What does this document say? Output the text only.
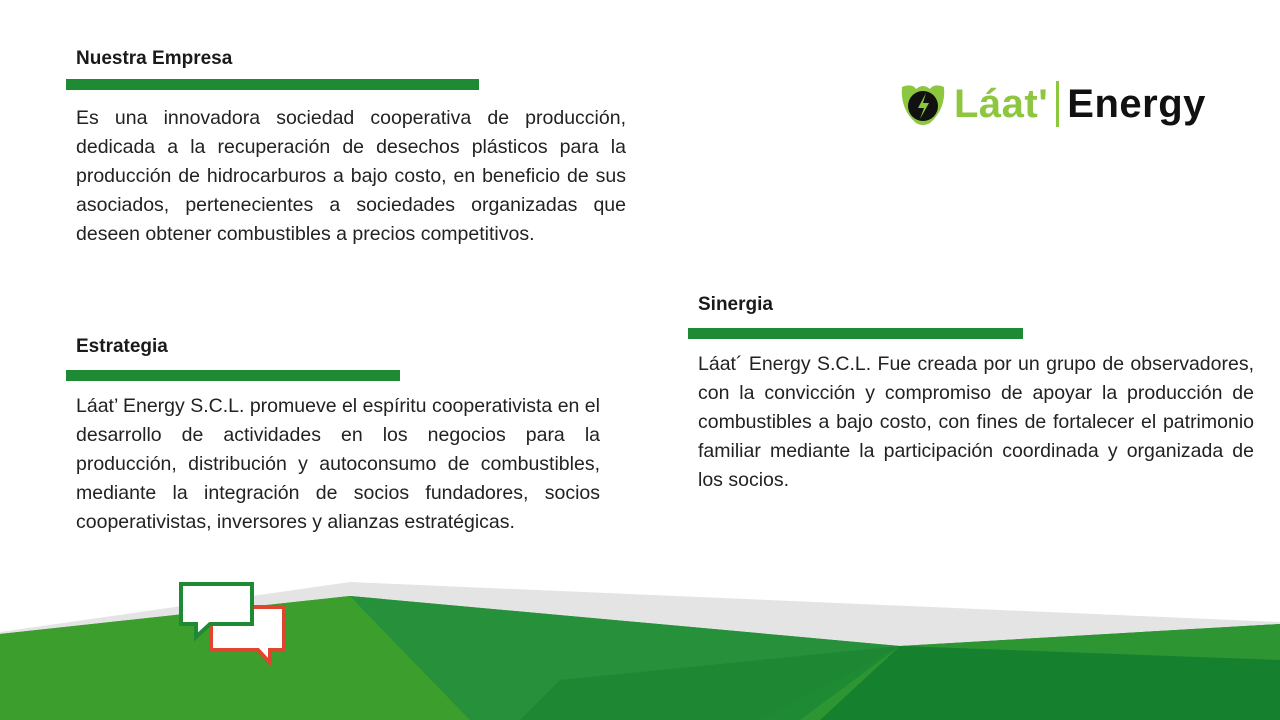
Nuestra Empresa
Es una innovadora sociedad cooperativa de producción, dedicada a la recuperación de desechos plásticos para la producción de hidrocarburos a bajo costo, en beneficio de sus asociados, pertenecientes a sociedades organizadas que deseen obtener combustibles a precios competitivos.
Estrategia
Láat’ Energy S.C.L. promueve el espíritu cooperativista en el desarrollo de actividades en los negocios para la producción, distribución y autoconsumo de combustibles, mediante la integración de socios fundadores, socios cooperativistas, inversores y alianzas estratégicas.
Sinergia
Láat´ Energy S.C.L. Fue creada por un grupo de observadores, con la convicción y compromiso de apoyar la producción de combustibles a bajo costo, con fines de fortalecer el patrimonio familiar mediante la participación coordinada y organizada de los socios.
Láat' Energy
